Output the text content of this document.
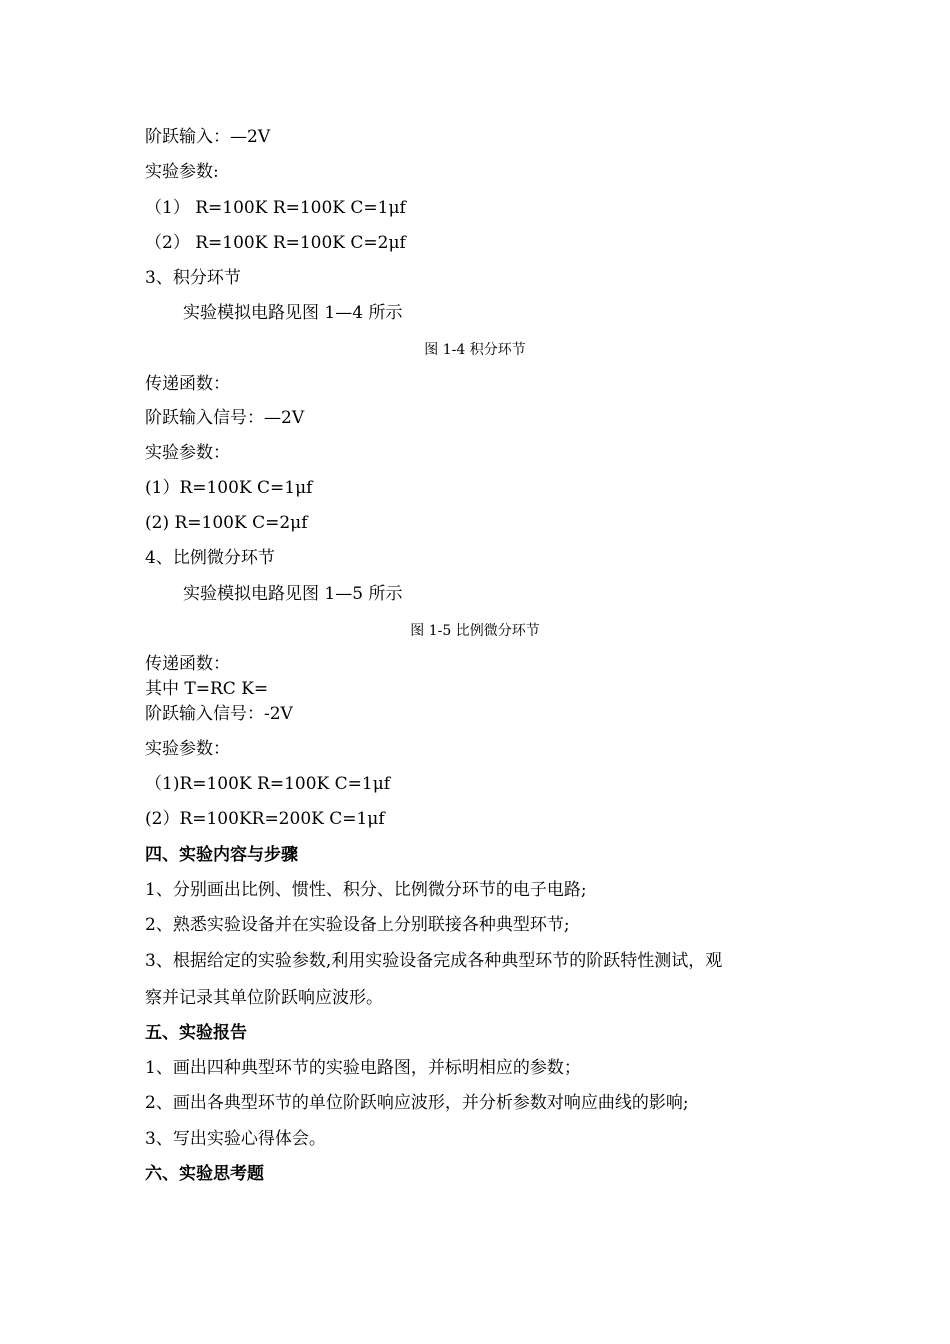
阶跃输入：—2V
实验参数:
（1） R=100K R=100K C=1μf
（2） R=100K R=100K C=2μf
3、积分环节
实验模拟电路见图 1—4 所示
图 1-4 积分环节
传递函数：
阶跃输入信号：—2V
实验参数：
(1）R=100K C=1μf
(2) R=100K C=2μf
4、比例微分环节
实验模拟电路见图 1—5 所示
图 1-5 比例微分环节
传递函数：
其中 T=RC K=
阶跃输入信号：-2V
实验参数：
（1)R=100K R=100K C=1μf
(2）R=100KR=200K C=1μf
四、实验内容与步骤
1、分别画出比例、惯性、积分、比例微分环节的电子电路;
2、熟悉实验设备并在实验设备上分别联接各种典型环节;
3、根据给定的实验参数,利用实验设备完成各种典型环节的阶跃特性测试，观
察并记录其单位阶跃响应波形。
五、实验报告
1、画出四种典型环节的实验电路图，并标明相应的参数；
2、画出各典型环节的单位阶跃响应波形，并分析参数对响应曲线的影响;
3、写出实验心得体会。
六、实验思考题
